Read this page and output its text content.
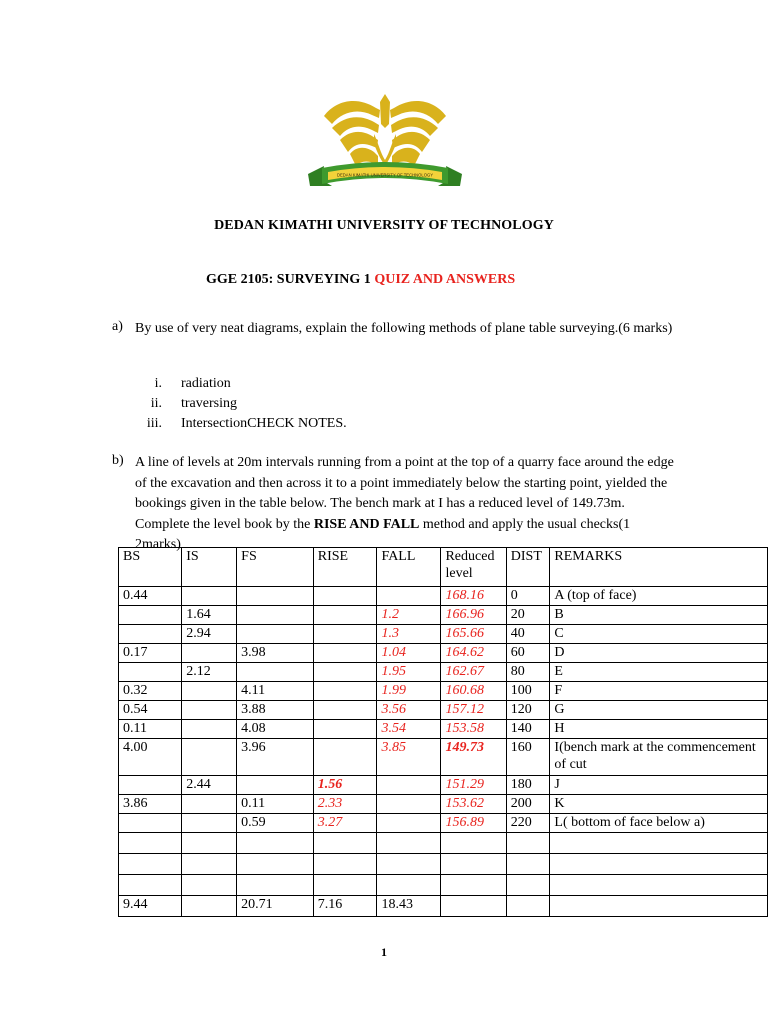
DEDAN KIMATHI UNIVERSITY OF TECHNOLOGY
DEDAN KIMATHI UNIVERSITY OF TECHNOLOGY
GGE 2105: SURVEYING 1 QUIZ AND ANSWERS
a) By use of very neat diagrams, explain the following methods of plane table surveying.(6 marks)
i. radiation
ii. traversing
iii. IntersectionCHECK NOTES.
b) A line of levels at 20m intervals running from a point at the top of a quarry face around the edge of the excavation and then across it to a point immediately below the starting point, yielded the bookings given in the table below. The bench mark at I has a reduced level of 149.73m. Complete the level book by the RISE AND FALL method and apply the usual checks(1 2marks)
BS	IS	FS	RISE	FALL	Reduced level	DIST	REMARKS
0.44					168.16	0	A (top of face)
	1.64			1.2	166.96	20	B
	2.94			1.3	165.66	40	C
0.17		3.98		1.04	164.62	60	D
	2.12			1.95	162.67	80	E
0.32		4.11		1.99	160.68	100	F
0.54		3.88		3.56	157.12	120	G
0.11		4.08		3.54	153.58	140	H
4.00		3.96		3.85	149.73	160	I(bench mark at the commencement of cut
	2.44		1.56		151.29	180	J
3.86		0.11	2.33		153.62	200	K
		0.59	3.27		156.89	220	L( bottom of face below a)

9.44		20.71	7.16	18.43			
1
